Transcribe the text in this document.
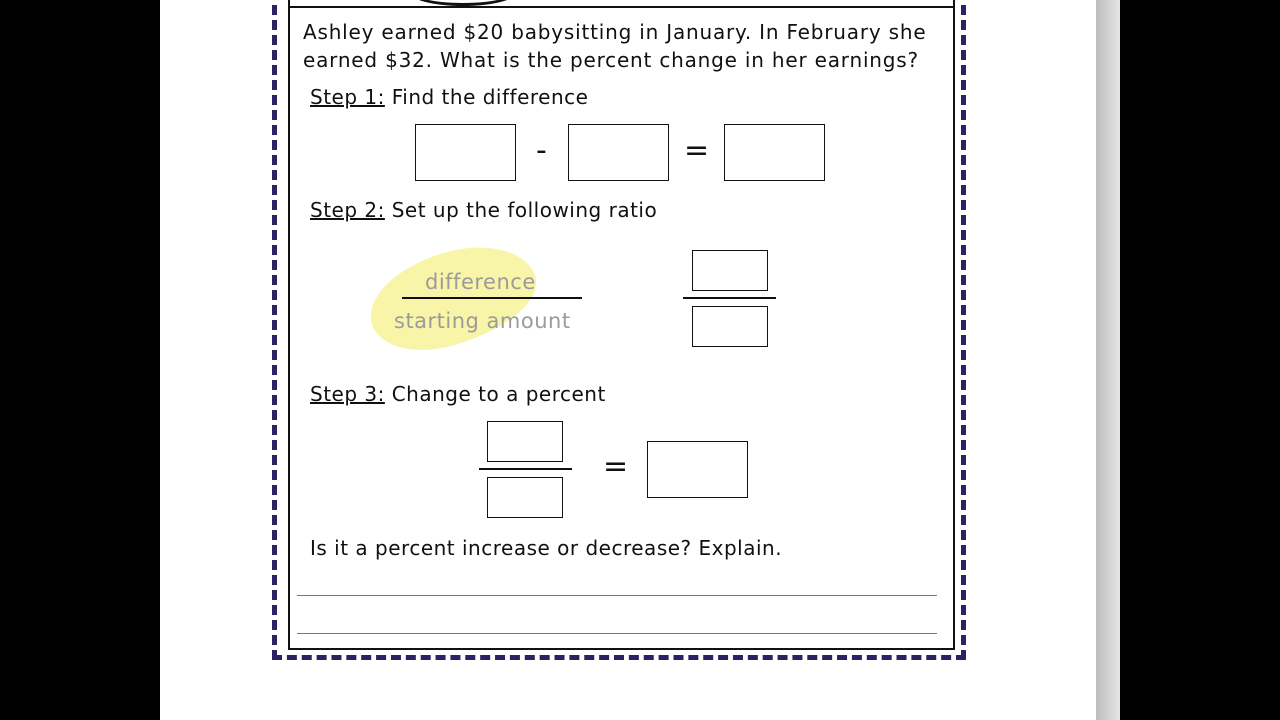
Ashley earned $20 babysitting in January. In February she
earned $32. What is the percent change in her earnings?
Step 1: Find the difference
-	=
Step 2: Set up the following ratio
difference
starting amount
Step 3: Change to a percent
=
Is it a percent increase or decrease? Explain.
